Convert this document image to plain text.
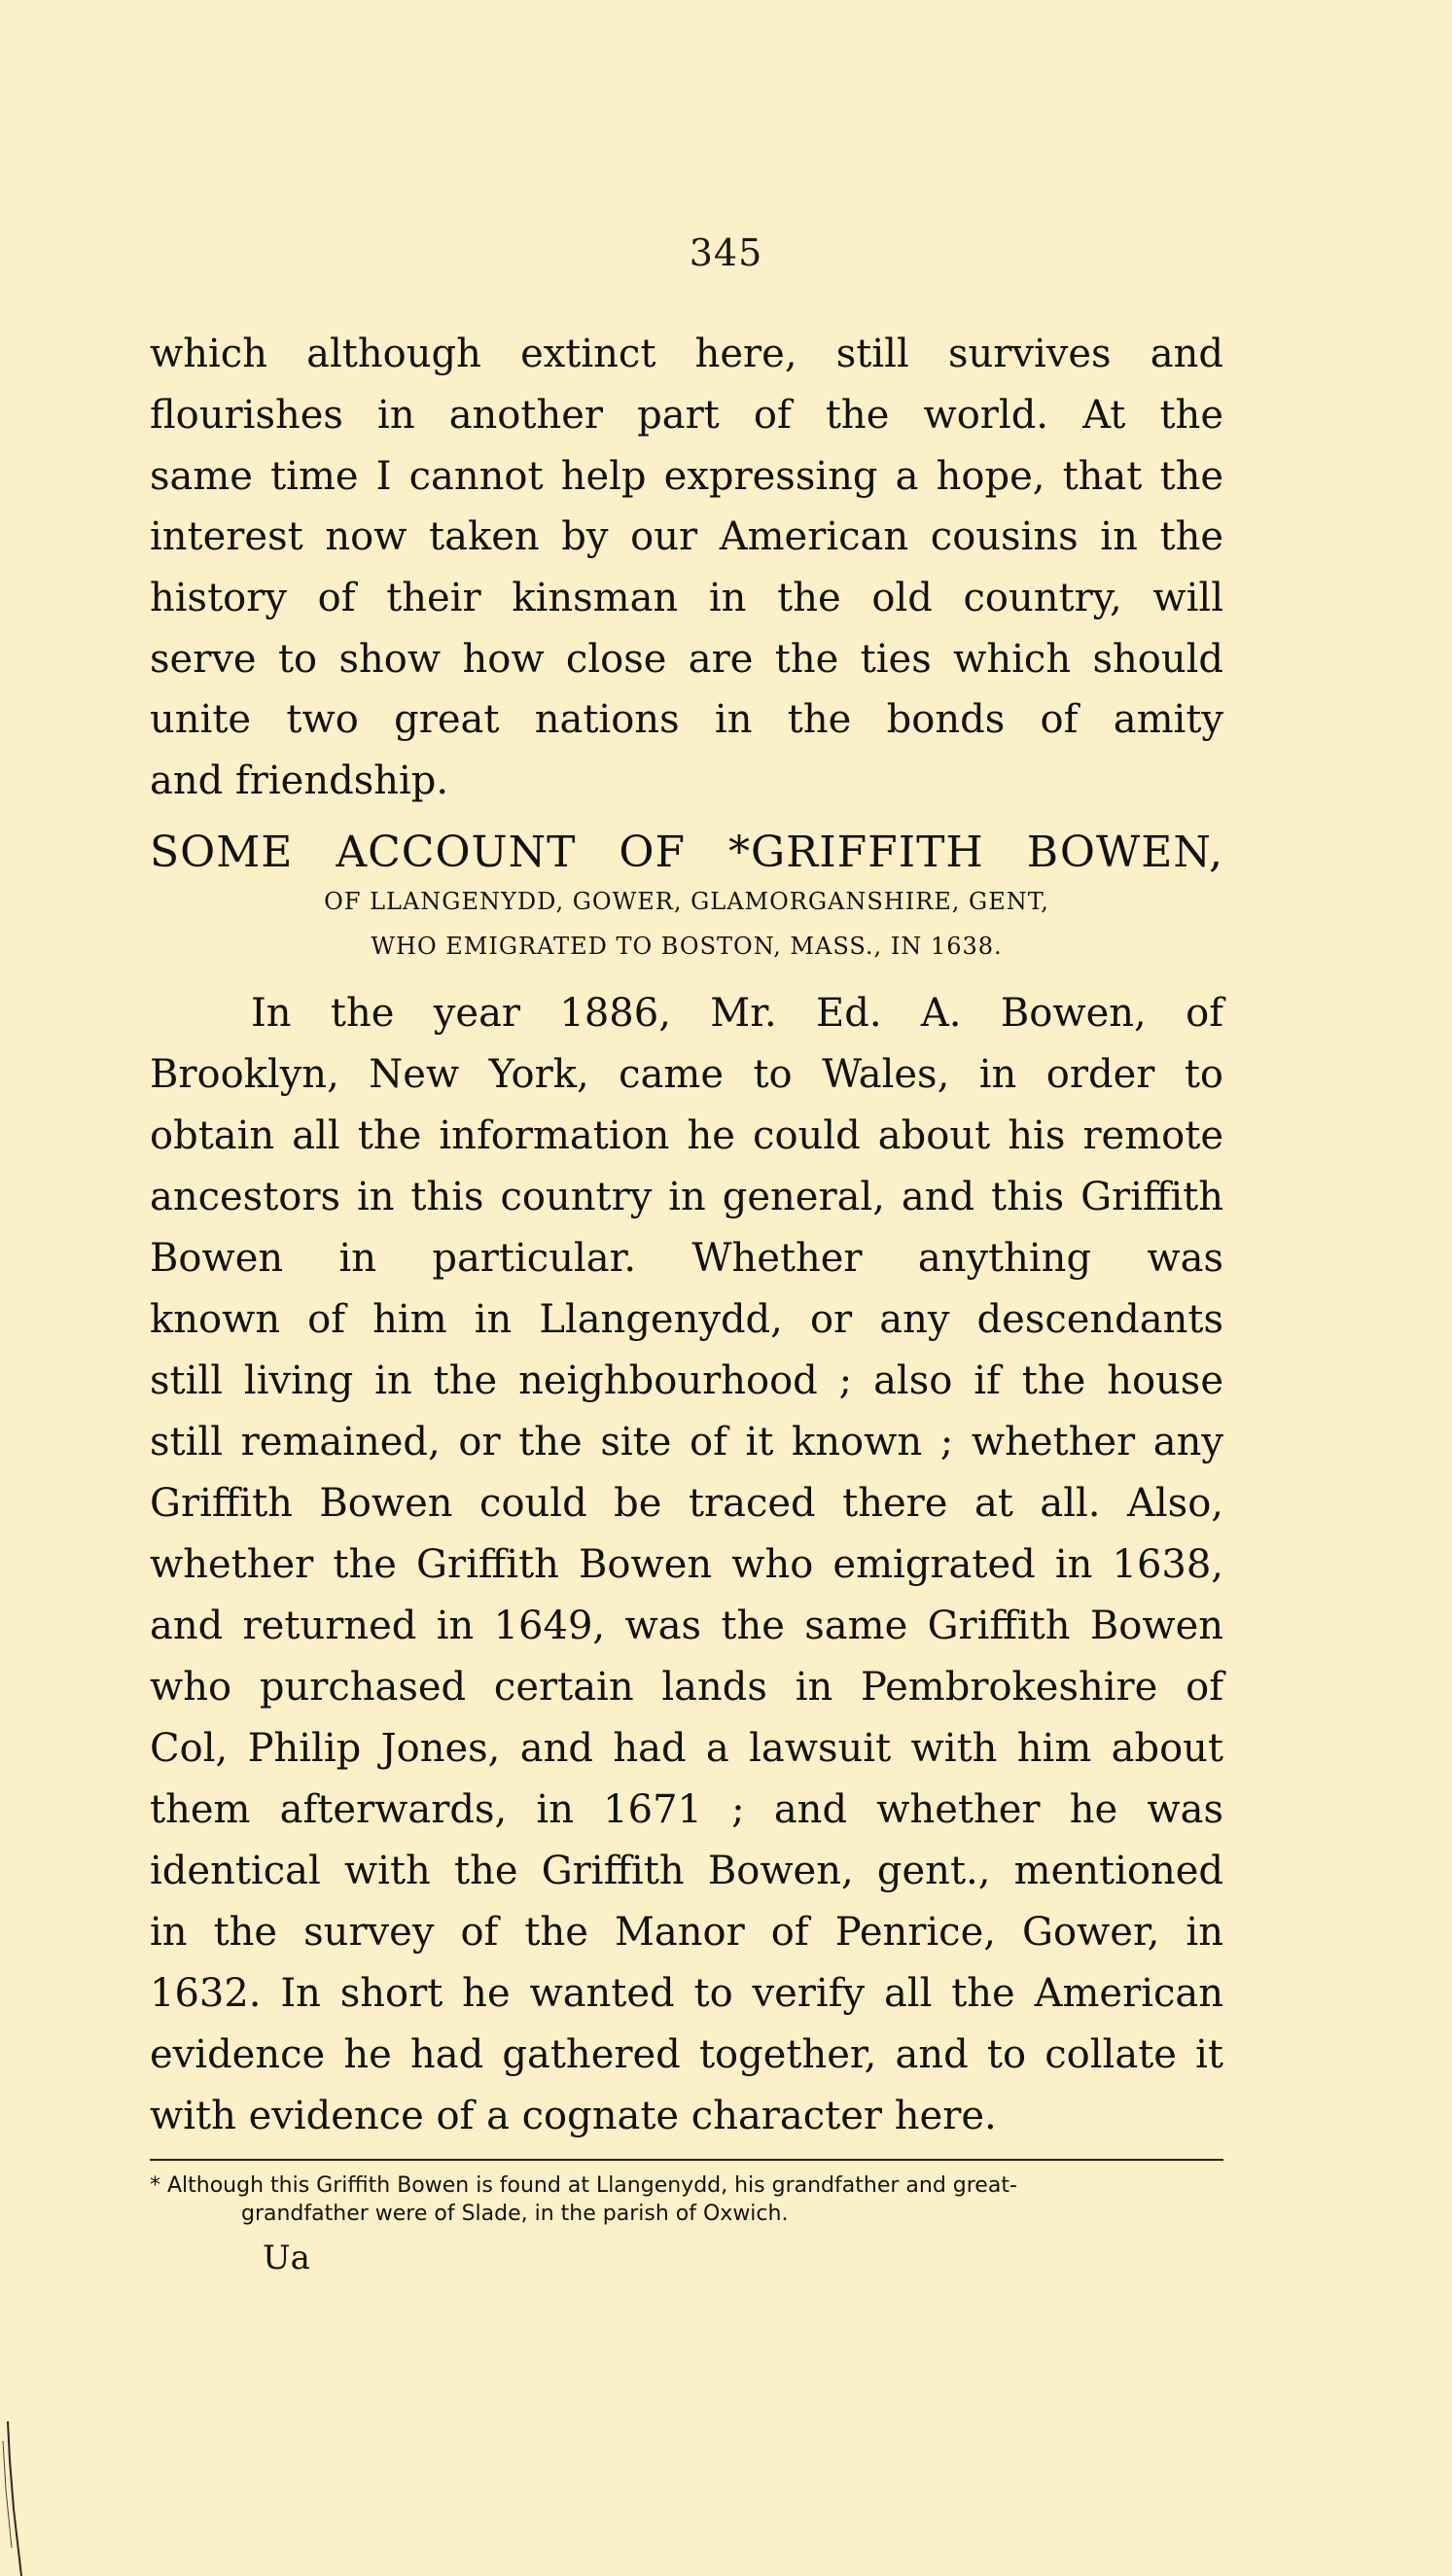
345
which although extinct here, still survives and
flourishes in another part of the world. At the
same time I cannot help expressing a hope, that the
interest now taken by our American cousins in the
history of their kinsman in the old country, will
serve to show how close are the ties which should
unite two great nations in the bonds of amity
and friendship.
SOME ACCOUNT OF *GRIFFITH BOWEN,
OF LLANGENYDD, GOWER, GLAMORGANSHIRE, GENT,
WHO EMIGRATED TO BOSTON, MASS., IN 1638.
In the year 1886, Mr. Ed. A. Bowen, of
Brooklyn, New York, came to Wales, in order to
obtain all the information he could about his remote
ancestors in this country in general, and this Griffith
Bowen in particular. Whether anything was
known of him in Llangenydd, or any descendants
still living in the neighbourhood ; also if the house
still remained, or the site of it known ; whether any
Griffith Bowen could be traced there at all. Also,
whether the Griffith Bowen who emigrated in 1638,
and returned in 1649, was the same Griffith Bowen
who purchased certain lands in Pembrokeshire of
Col, Philip Jones, and had a lawsuit with him about
them afterwards, in 1671 ; and whether he was
identical with the Griffith Bowen, gent., mentioned
in the survey of the Manor of Penrice, Gower, in
1632. In short he wanted to verify all the American
evidence he had gathered together, and to collate it
with evidence of a cognate character here.
* Although this Griffith Bowen is found at Llangenydd, his grandfather and great-
grandfather were of Slade, in the parish of Oxwich.
Ua
